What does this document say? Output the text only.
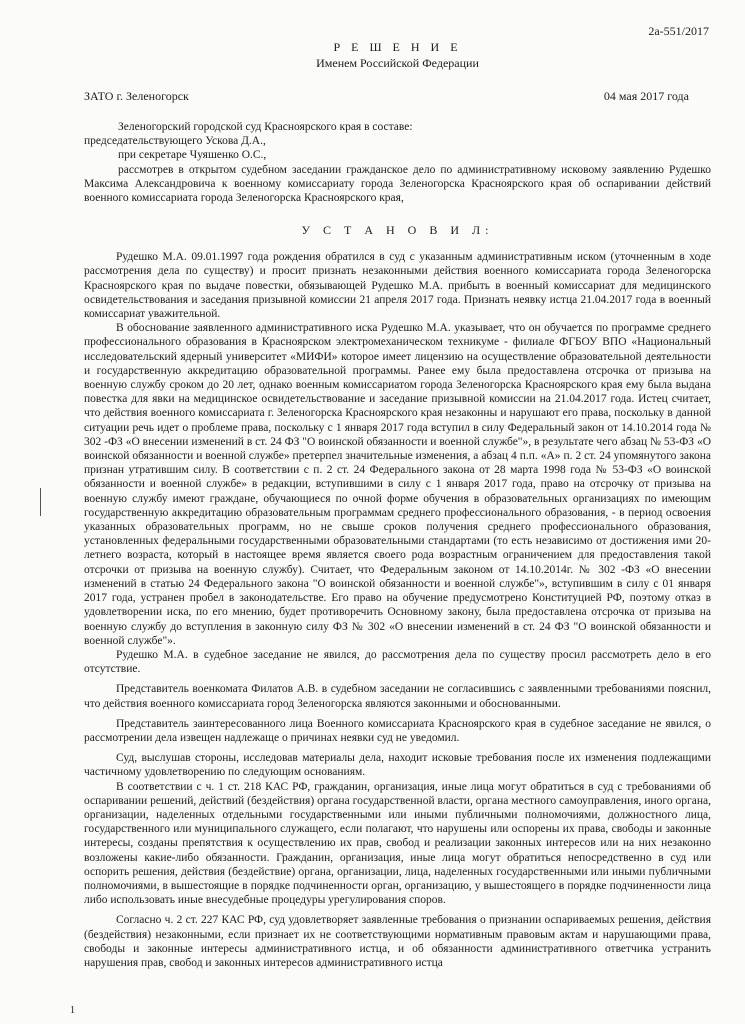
2а-551/2017
Р Е Ш Е Н И Е
Именем Российской Федерации
ЗАТО г. Зеленогорск	04 мая 2017 года

Зеленогорский городской суд Красноярского края в составе:

председательствующего Ускова Д.А.,

при секретаре Чуяшенко О.С.,

рассмотрев в открытом судебном заседании гражданское дело по административному исковому заявлению Рудешко Максима Александровича к военному комиссариату города Зеленогорска Красноярского края об оспаривании действий военного комиссариата города Зеленогорска Красноярского края,

У С Т А Н О В И Л:

Рудешко М.А. 09.01.1997 года рождения обратился в суд с указанным административным иском (уточненным в ходе рассмотрения дела по существу) и просит признать незаконными действия военного комиссариата города Зеленогорска Красноярского края по выдаче повестки, обязывающей Рудешко М.А. прибыть в военный комиссариат для медицинского освидетельствования и заседания призывной комиссии 21 апреля 2017 года. Признать неявку истца 21.04.2017 года в военный комиссариат уважительной.

В обоснование заявленного административного иска Рудешко М.А. указывает, что он обучается по программе среднего профессионального образования в Красноярском электромеханическом техникуме - филиале ФГБОУ ВПО «Национальный исследовательский ядерный университет «МИФИ» которое имеет лицензию на осуществление образовательной деятельности и государственную аккредитацию образовательной программы. Ранее ему была предоставлена отсрочка от призыва на военную службу сроком до 20 лет, однако военным комиссариатом города Зеленогорска Красноярского края ему была выдана повестка для явки на медицинское освидетельствование и заседание призывной комиссии на 21.04.2017 года. Истец считает, что действия военного комиссариата г. Зеленогорска Красноярского края незаконны и нарушают его права, поскольку в данной ситуации речь идет о проблеме права, поскольку с 1 января 2017 года вступил в силу Федеральный закон от 14.10.2014 года № 302 -ФЗ «О внесении изменений в ст. 24 ФЗ "О воинской обязанности и военной службе"», в результате чего абзац № 53-ФЗ «О воинской обязанности и военной службе» претерпел значительные изменения, а абзац 4 п.п. «А» п. 2 ст. 24 упомянутого закона признан утратившим силу. В соответствии с п. 2 ст. 24 Федерального закона от 28 марта 1998 года № 53-ФЗ «О воинской обязанности и военной службе» в редакции, вступившими в силу с 1 января 2017 года, право на отсрочку от призыва на военную службу имеют граждане, обучающиеся по очной форме обучения в образовательных организациях по имеющим государственную аккредитацию образовательным программам среднего профессионального образования, - в период освоения указанных образовательных программ, но не свыше сроков получения среднего профессионального образования, установленных федеральными государственными образовательными стандартами (то есть независимо от достижения ими 20-летнего возраста, который в настоящее время является своего рода возрастным ограничением для предоставления такой отсрочки от призыва на военную службу). Считает, что Федеральным законом от 14.10.2014г. № 302 -ФЗ «О внесении изменений в статью 24 Федерального закона "О воинской обязанности и военной службе"», вступившим в силу с 01 января 2017 года, устранен пробел в законодательстве. Его право на обучение предусмотрено Конституцией РФ, поэтому отказ в удовлетворении иска, по его мнению, будет противоречить Основному закону, была предоставлена отсрочка от призыва на военную службу до вступления в законную силу ФЗ № 302 «О внесении изменений в ст. 24 ФЗ "О воинской обязанности и военной службе"».

Рудешко М.А. в судебное заседание не явился, до рассмотрения дела по существу просил рассмотреть дело в его отсутствие.

Представитель военкомата Филатов А.В. в судебном заседании не согласившись с заявленными требованиями пояснил, что действия военного комиссариата город Зеленогорска являются законными и обоснованными.

Представитель заинтересованного лица Военного комиссариата Красноярского края в судебное заседание не явился, о рассмотрении дела извещен надлежаще о причинах неявки суд не уведомил.

Суд, выслушав стороны, исследовав материалы дела, находит исковые требования после их изменения подлежащими частичному удовлетворению по следующим основаниям.

В соответствии с ч. 1 ст. 218 КАС РФ, гражданин, организация, иные лица могут обратиться в суд с требованиями об оспаривании решений, действий (бездействия) органа государственной власти, органа местного самоуправления, иного органа, организации, наделенных отдельными государственными или иными публичными полномочиями, должностного лица, государственного или муниципального служащего, если полагают, что нарушены или оспорены их права, свободы и законные интересы, созданы препятствия к осуществлению их прав, свобод и реализации законных интересов или на них незаконно возложены какие-либо обязанности. Гражданин, организация, иные лица могут обратиться непосредственно в суд или оспорить решения, действия (бездействие) органа, организации, лица, наделенных государственными или иными публичными полномочиями, в вышестоящие в порядке подчиненности орган, организацию, у вышестоящего в порядке подчиненности лица либо использовать иные внесудебные процедуры урегулирования споров.

Согласно ч. 2 ст. 227 КАС РФ, суд удовлетворяет заявленные требования о признании оспариваемых решения, действия (бездействия) незаконными, если признает их не соответствующими нормативным правовым актам и нарушающими права, свободы и законные интересы административного истца, и об обязанности административного ответчика устранить нарушения прав, свобод и законных интересов административного истца

1
